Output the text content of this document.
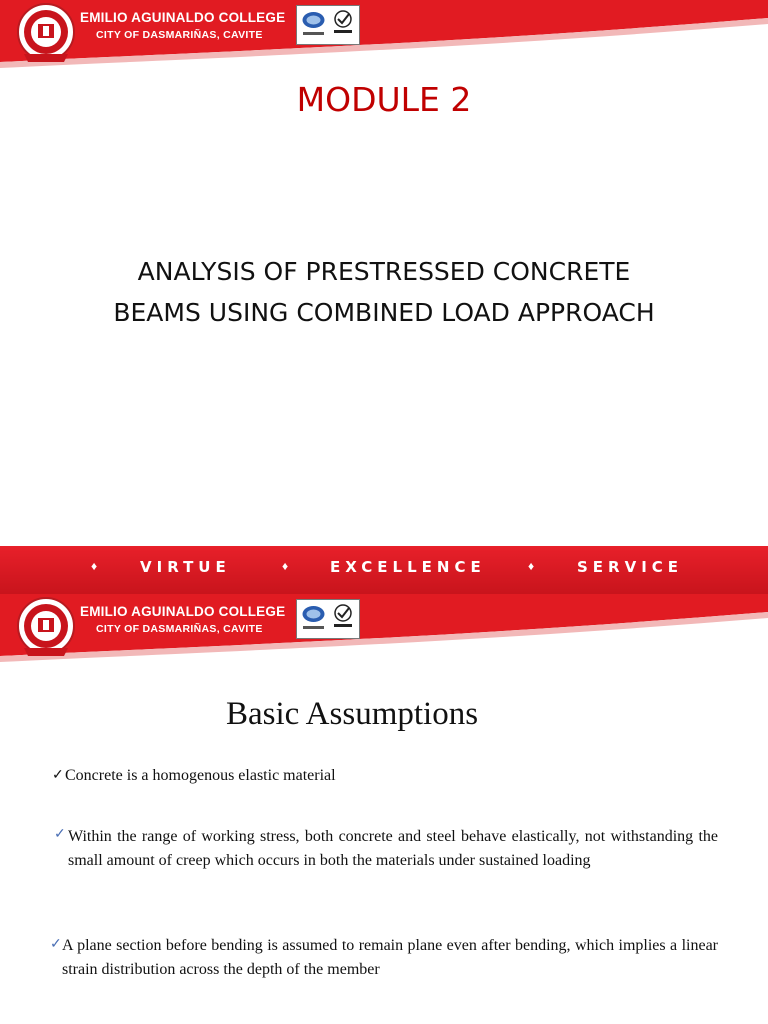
EMILIO AGUINALDO COLLEGE
CITY OF DASMARIÑAS, CAVITE
MODULE 2
ANALYSIS OF PRESTRESSED CONCRETE
BEAMS USING COMBINED LOAD APPROACH
♦	VIRTUE	♦	EXCELLENCE	♦	SERVICE
EMILIO AGUINALDO COLLEGE
CITY OF DASMARIÑAS, CAVITE
Basic Assumptions
✓ Concrete is a homogenous elastic material
✓ Within the range of working stress, both concrete and steel behave elastically, not withstanding the small amount of creep which occurs in both the materials under sustained loading
✓ A plane section before bending is assumed to remain plane even after bending, which implies a linear strain distribution across the depth of the member
